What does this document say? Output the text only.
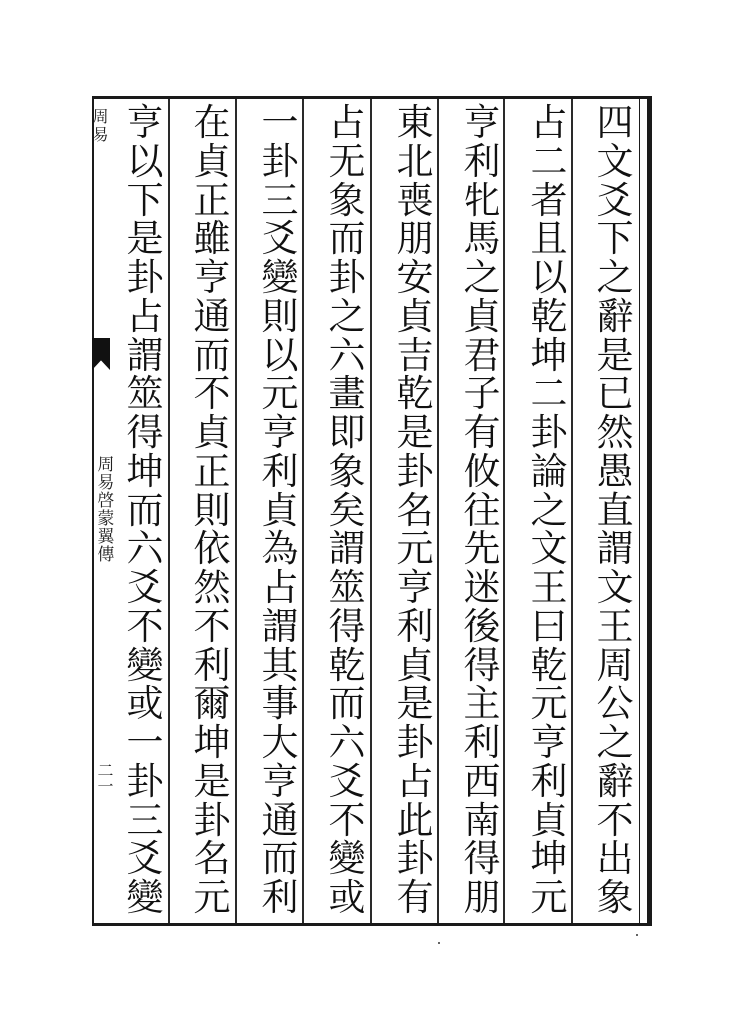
周易
周易啓蒙翼傳
二一
四
文
爻
下
之
辭
是
已
然
愚
直
謂
文
王
周
公
之
辭
不
出
象
占
二
者
且
以
乾
坤
二
卦
論
之
文
王
曰
乾
元
亨
利
貞
坤
元
亨
利
牝
馬
之
貞
君
子
有
攸
往
先
迷
後
得
主
利
西
南
得
朋
東
北
喪
朋
安
貞
吉
乾
是
卦
名
元
亨
利
貞
是
卦
占
此
卦
有
占
无
象
而
卦
之
六
畫
即
象
矣
謂
筮
得
乾
而
六
爻
不
變
或
一
卦
三
爻
變
則
以
元
亨
利
貞
為
占
謂
其
事
大
亨
通
而
利
在
貞
正
雖
亨
通
而
不
貞
正
則
依
然
不
利
爾
坤
是
卦
名
元
亨
以
下
是
卦
占
謂
筮
得
坤
而
六
爻
不
變
或
一
卦
三
爻
變
